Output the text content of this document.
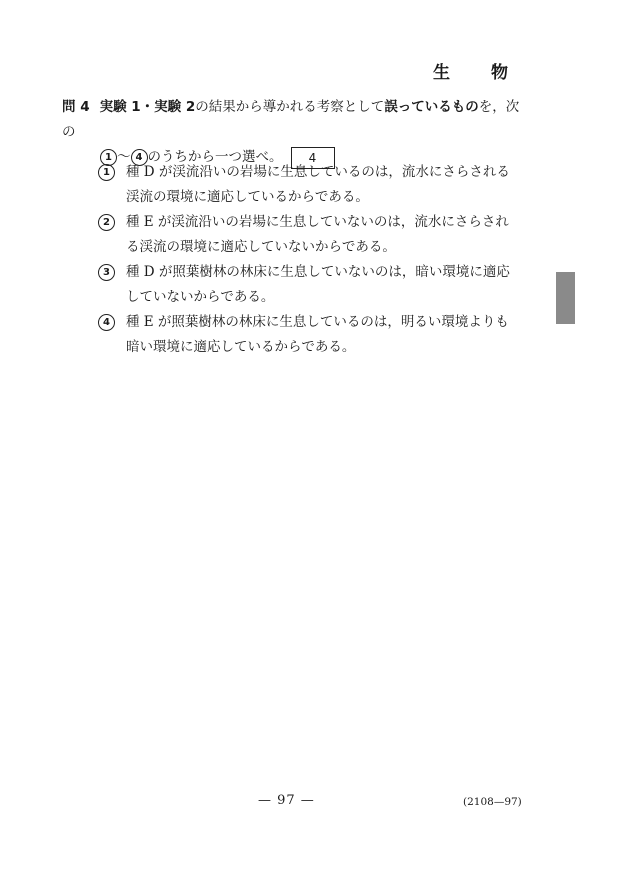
生　物
問 4 実験 1・実験 2の結果から導かれる考察として誤っているものを，次の
1 ～ 4 のうちから一つ選べ。 4
1	種 D が渓流沿いの岩場に生息しているのは，流水にさらされる渓流の環境に適応しているからである。
2	種 E が渓流沿いの岩場に生息していないのは，流水にさらされる渓流の環境に適応していないからである。
3	種 D が照葉樹林の林床に生息していないのは，暗い環境に適応していないからである。
4	種 E が照葉樹林の林床に生息しているのは，明るい環境よりも暗い環境に適応しているからである。
— 97 —	(2108—97)
